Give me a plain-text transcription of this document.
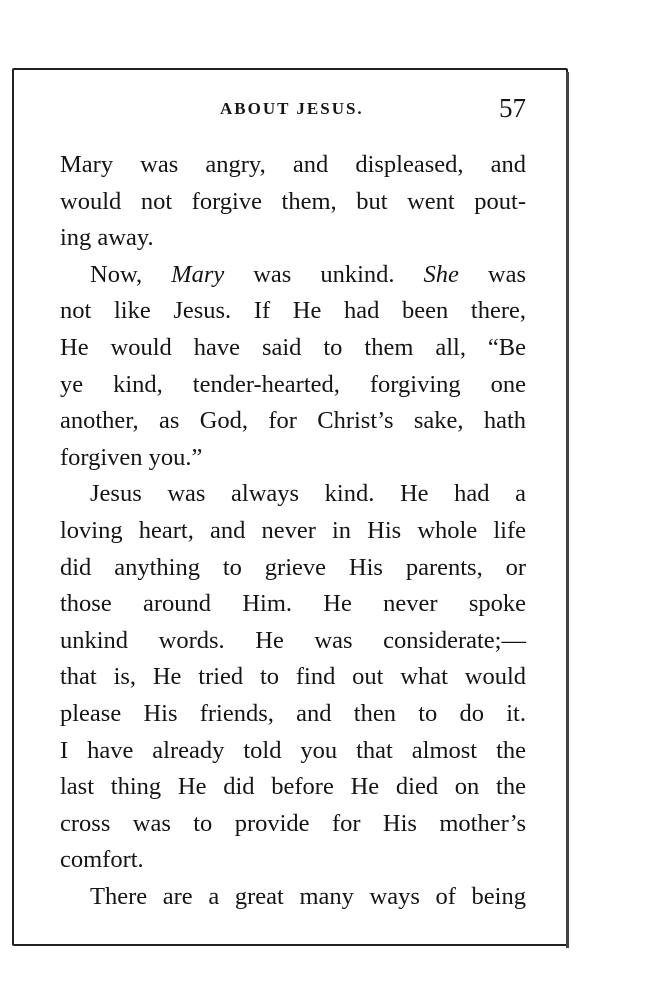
ABOUT JESUS.	57
Mary was angry, and displeased, and
would not forgive them, but went pout-
ing away.
Now, Mary was unkind. She was
not like Jesus. If He had been there,
He would have said to them all, “Be
ye kind, tender-hearted, forgiving one
another, as God, for Christ’s sake, hath
forgiven you.”
Jesus was always kind. He had a
loving heart, and never in His whole life
did anything to grieve His parents, or
those around Him. He never spoke
unkind words. He was considerate;—
that is, He tried to find out what would
please His friends, and then to do it.
I have already told you that almost the
last thing He did before He died on the
cross was to provide for His mother’s
comfort.
There are a great many ways of being
